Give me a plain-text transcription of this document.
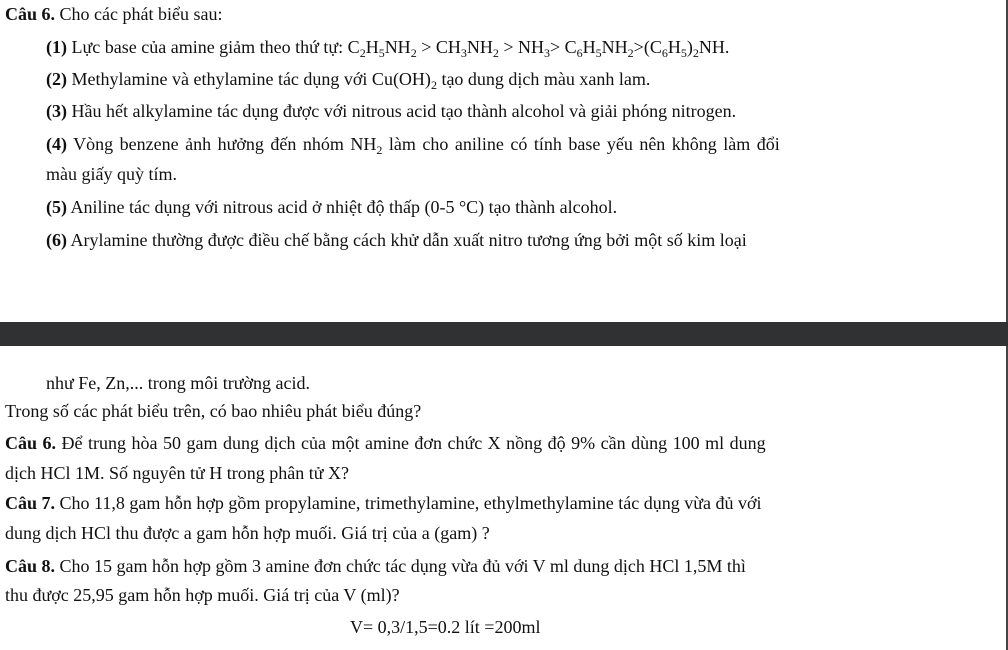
Câu 6. Cho các phát biểu sau:
(1) Lực base của amine giảm theo thứ tự: $C_2H_5NH_2 > CH_3NH_2 > NH_3> C_6H_5NH_2>(C_6H_5)_2NH$.
(2) Methylamine và ethylamine tác dụng với $Cu(OH)_2$ tạo dung dịch màu xanh lam.
(3) Hầu hết alkylamine tác dụng được với nitrous acid tạo thành alcohol và giải phóng nitrogen.
(4) Vòng benzene ảnh hưởng đến nhóm $NH_2$ làm cho aniline có tính base yếu nên không làm đổi
màu giấy quỳ tím.
(5) Aniline tác dụng với nitrous acid ở nhiệt độ thấp (0-5 °C) tạo thành alcohol.
(6) Arylamine thường được điều chế bằng cách khử dẫn xuất nitro tương ứng bởi một số kim loại
như Fe, Zn,... trong môi trường acid.
Trong số các phát biểu trên, có bao nhiêu phát biểu đúng?
Câu 6. Để trung hòa 50 gam dung dịch của một amine đơn chức X nồng độ 9% cần dùng 100 ml dung
dịch HCl 1M. Số nguyên tử H trong phân tử X?
Câu 7. Cho 11,8 gam hỗn hợp gồm propylamine, trimethylamine, ethylmethylamine tác dụng vừa đủ với
dung dịch HCl thu được a gam hỗn hợp muối. Giá trị của a (gam) ?
Câu 8. Cho 15 gam hỗn hợp gồm 3 amine đơn chức tác dụng vừa đủ với V ml dung dịch HCl 1,5M thì
thu được 25,95 gam hỗn hợp muối. Giá trị của V (ml)?
V= 0,3/1,5=0.2 lít =200ml
